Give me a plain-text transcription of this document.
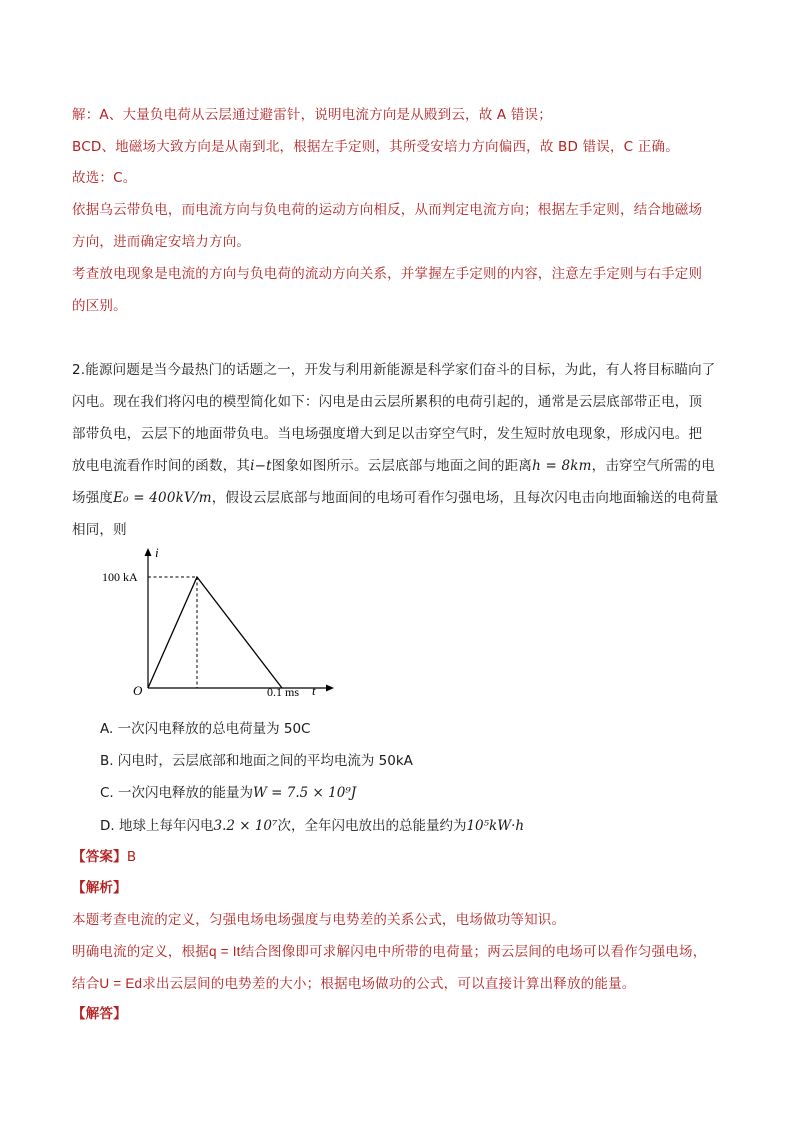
解：A、大量负电荷从云层通过避雷针，说明电流方向是从殿到云，故 A 错误；
BCD、地磁场大致方向是从南到北，根据左手定则，其所受安培力方向偏西，故 BD 错误，C 正确。
故选：C。
依据乌云带负电，而电流方向与负电荷的运动方向相反，从而判定电流方向；根据左手定则，结合地磁场
方向，进而确定安培力方向。
考查放电现象是电流的方向与负电荷的流动方向关系，并掌握左手定则的内容，注意左手定则与右手定则
的区别。
2.能源问题是当今最热门的话题之一，开发与利用新能源是科学家们奋斗的目标，为此，有人将目标瞄向了
闪电。现在我们将闪电的模型简化如下：闪电是由云层所累积的电荷引起的，通常是云层底部带正电，顶
部带负电，云层下的地面带负电。当电场强度增大到足以击穿空气时，发生短时放电现象，形成闪电。把
放电电流看作时间的函数，其i−t图象如图所示。云层底部与地面之间的距离h = 8km，击穿空气所需的电
场强度E₀ = 400kV/m，假设云层底部与地面间的电场可看作匀强电场，且每次闪电击向地面输送的电荷量
相同，则
i
t
O
100 kA
0.1 ms
A. 一次闪电释放的总电荷量为 50C
B. 闪电时，云层底部和地面之间的平均电流为 50kA
C. 一次闪电释放的能量为W = 7.5 × 10⁹J
D. 地球上每年闪电3.2 × 10⁷次，全年闪电放出的总能量约为10⁵kW·h
【答案】B
【解析】
本题考查电流的定义，匀强电场电场强度与电势差的关系公式，电场做功等知识。
明确电流的定义，根据q = It结合图像即可求解闪电中所带的电荷量；两云层间的电场可以看作匀强电场，
结合U = Ed求出云层间的电势差的大小；根据电场做功的公式，可以直接计算出释放的能量。
【解答】
